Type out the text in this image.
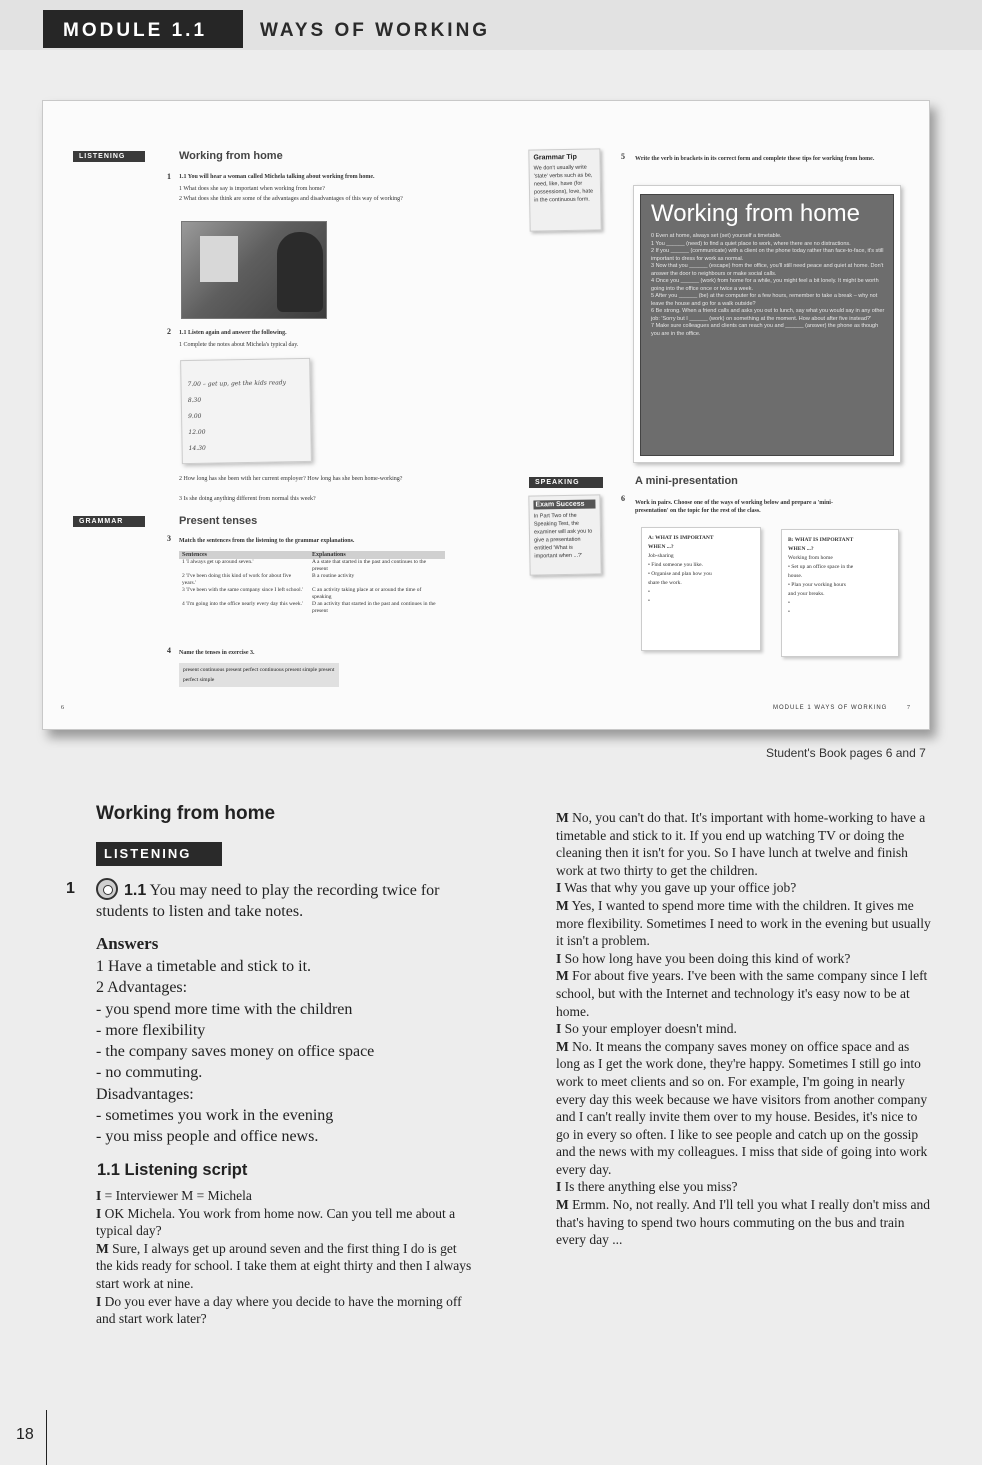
MODULE 1.1	WAYS OF WORKING
LISTENING	Working from home
1 1.1 You will hear a woman called Michela talking about working from home.
1 What does she say is important when working from home?
2 What does she think are some of the advantages and disadvantages of this way of working?
2 1.1 Listen again and answer the following.
1 Complete the notes about Michela's typical day.
7.00 – get up, get the kids ready
8.30
9.00
12.00
14.30
2 How long has she been with her current employer? How long has she been home-working?
3 Is she doing anything different from normal this week?
GRAMMAR	Present tenses
3 Match the sentences from the listening to the grammar explanations.
Sentences	Explanations
1 'I always get up around seven.'	A a state that started in the past and continues to the present
2 'I've been doing this kind of work for about five years.'	B a routine activity
3 'I've been with the same company since I left school.'	C an activity taking place at or around the time of speaking
4 'I'm going into the office nearly every day this week.'	D an activity that started in the past and continues in the present
4 Name the tenses in exercise 3.
present continuous present perfect continuous present simple present perfect simple
6
Grammar Tip

We don't usually write 'state' verbs such as be, need, like, have (for possessions), love, hate in the continuous form.

5 Write the verb in brackets in its correct form and complete these tips for working from home.
Working from home
0 Even at home, always set (set) yourself a timetable.
1 You ______ (need) to find a quiet place to work, where there are no distractions.
2 If you ______ (communicate) with a client on the phone today rather than face-to-face, it's still important to dress for work as normal.
3 Now that you ______ (escape) from the office, you'll still need peace and quiet at home. Don't answer the door to neighbours or make social calls.
4 Once you ______ (work) from home for a while, you might feel a bit lonely. It might be worth going into the office once or twice a week.
5 After you ______ (be) at the computer for a few hours, remember to take a break – why not leave the house and go for a walk outside?
6 Be strong. When a friend calls and asks you out to lunch, say what you would say in any other job: 'Sorry but I ______ (work) on something at the moment. How about after five instead?'
7 Make sure colleagues and clients can reach you and ______ (answer) the phone as though you are in the office.
SPEAKING	A mini-presentation
Exam Success

In Part Two of the Speaking Test, the examiner will ask you to give a presentation entitled 'What is important when ...?'

6 Work in pairs. Choose one of the ways of working below and prepare a 'mini-presentation' on the topic for the rest of the class.
A: WHAT IS IMPORTANT
WHEN ...?
Job-sharing
• Find someone you like.
• Organise and plan how you
share the work.
•
•
B: WHAT IS IMPORTANT
WHEN ...?
Working from home
• Set up an office space in the
house.
• Plan your working hours
and your breaks.
•
•
MODULE 1 WAYS OF WORKING	7
Student's Book pages 6 and 7
Working from home
LISTENING
1	1.1 You may need to play the recording twice for students to listen and take notes.
Answers
1 Have a timetable and stick to it.
2 Advantages:
- you spend more time with the children
- more flexibility
- the company saves money on office space
- no commuting.
Disadvantages:
- sometimes you work in the evening
- you miss people and office news.
1.1 Listening script

I = Interviewer M = Michela

I OK Michela. You work from home now. Can you tell me about a typical day?

M Sure, I always get up around seven and the first thing I do is get the kids ready for school. I take them at eight thirty and then I always start work at nine.

I Do you ever have a day where you decide to have the morning off and start work later?

M No, you can't do that. It's important with home-working to have a timetable and stick to it. If you end up watching TV or doing the cleaning then it isn't for you. So I have lunch at twelve and finish work at two thirty to get the children.

I Was that why you gave up your office job?

M Yes, I wanted to spend more time with the children. It gives me more flexibility. Sometimes I need to work in the evening but usually it isn't a problem.

I So how long have you been doing this kind of work?

M For about five years. I've been with the same company since I left school, but with the Internet and technology it's easy now to be at home.

I So your employer doesn't mind.

M No. It means the company saves money on office space and as long as I get the work done, they're happy. Sometimes I still go into work to meet clients and so on. For example, I'm going in nearly every day this week because we have visitors from another company and I can't really invite them over to my house. Besides, it's nice to go in every so often. I like to see people and catch up on the gossip and the news with my colleagues. I miss that side of going into work every day.

I Is there anything else you miss?

M Ermm. No, not really. And I'll tell you what I really don't miss and that's having to spend two hours commuting on the bus and train every day ...

18
